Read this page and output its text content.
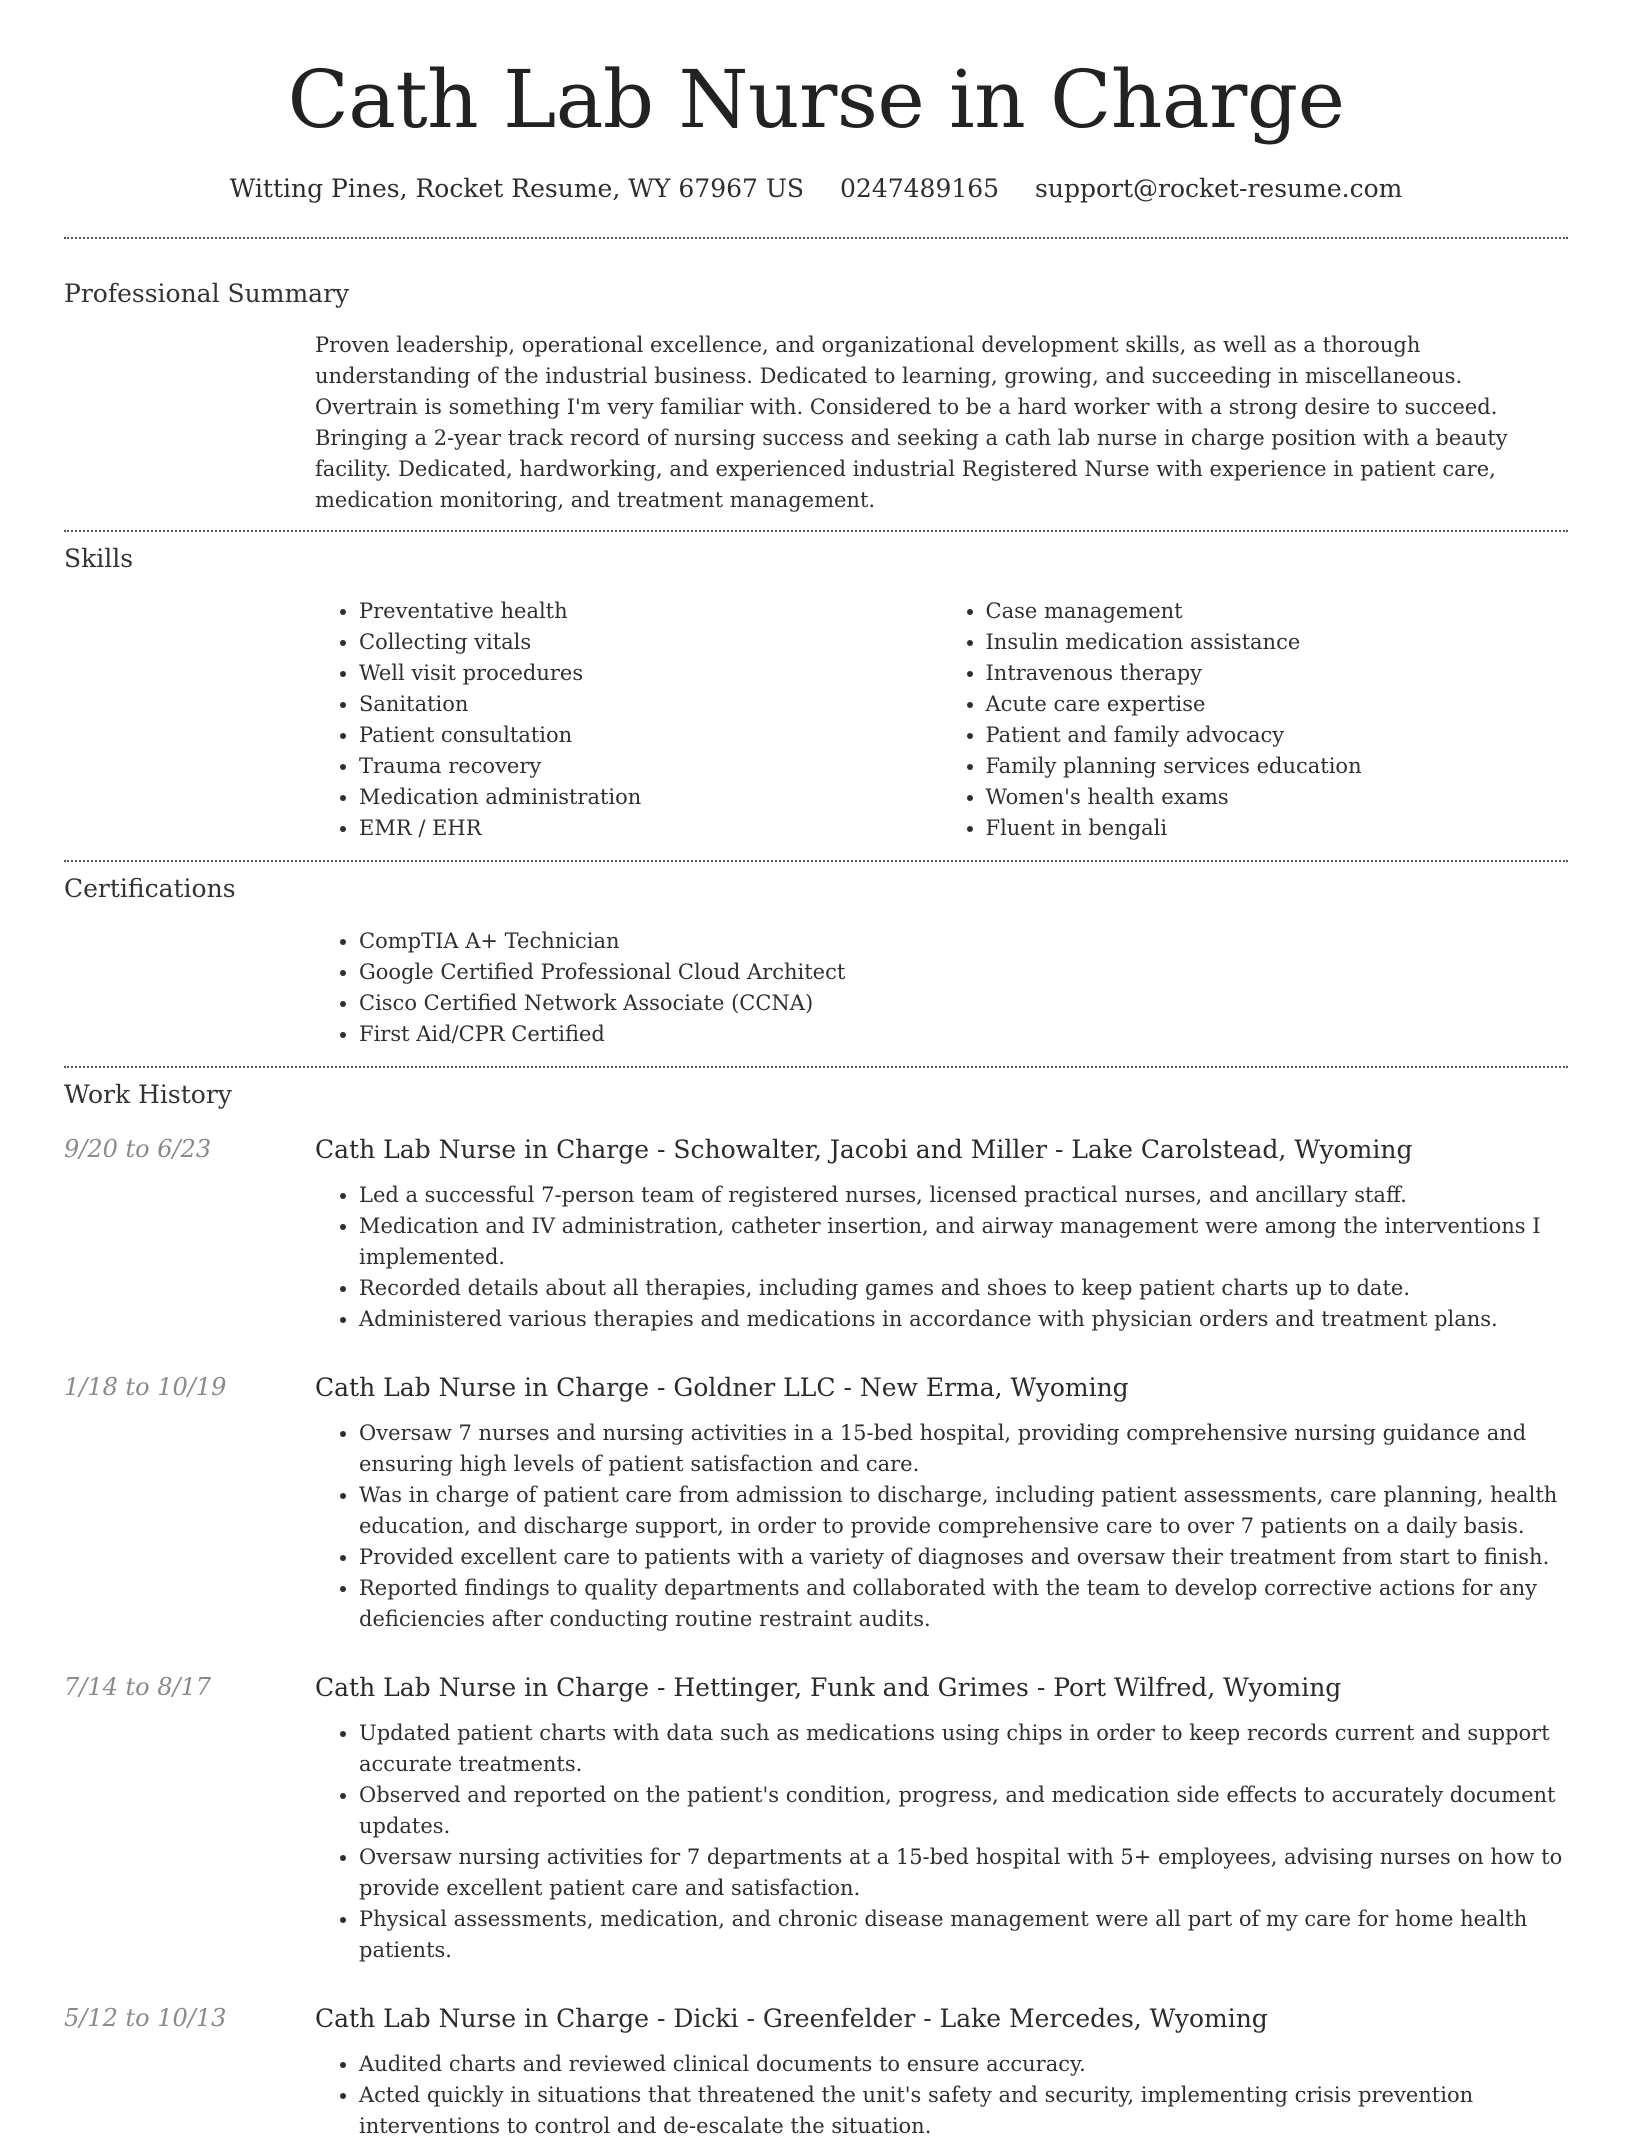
Cath Lab Nurse in Charge
Witting Pines, Rocket Resume, WY 67967 US 0247489165 support@rocket-resume.com
Professional Summary

Proven leadership, operational excellence, and organizational development skills, as well as a thorough understanding of the industrial business. Dedicated to learning, growing, and succeeding in miscellaneous. Overtrain is something I'm very familiar with. Considered to be a hard worker with a strong desire to succeed. Bringing a 2-year track record of nursing success and seeking a cath lab nurse in charge position with a beauty facility. Dedicated, hardworking, and experienced industrial Registered Nurse with experience in patient care, medication monitoring, and treatment management.

Skills
• Preventative health
• Collecting vitals
• Well visit procedures
• Sanitation
• Patient consultation
• Trauma recovery
• Medication administration
• EMR / EHR
• Case management
• Insulin medication assistance
• Intravenous therapy
• Acute care expertise
• Patient and family advocacy
• Family planning services education
• Women's health exams
• Fluent in bengali
Certifications
• CompTIA A+ Technician
• Google Certified Professional Cloud Architect
• Cisco Certified Network Associate (CCNA)
• First Aid/CPR Certified
Work History
9/20 to 6/23	Cath Lab Nurse in Charge - Schowalter, Jacobi and Miller - Lake Carolstead, Wyoming
• Led a successful 7-person team of registered nurses, licensed practical nurses, and ancillary staff.
• Medication and IV administration, catheter insertion, and airway management were among the interventions I implemented.
• Recorded details about all therapies, including games and shoes to keep patient charts up to date.
• Administered various therapies and medications in accordance with physician orders and treatment plans.
1/18 to 10/19	Cath Lab Nurse in Charge - Goldner LLC - New Erma, Wyoming
• Oversaw 7 nurses and nursing activities in a 15-bed hospital, providing comprehensive nursing guidance and ensuring high levels of patient satisfaction and care.
• Was in charge of patient care from admission to discharge, including patient assessments, care planning, health education, and discharge support, in order to provide comprehensive care to over 7 patients on a daily basis.
• Provided excellent care to patients with a variety of diagnoses and oversaw their treatment from start to finish.
• Reported findings to quality departments and collaborated with the team to develop corrective actions for any deficiencies after conducting routine restraint audits.
7/14 to 8/17	Cath Lab Nurse in Charge - Hettinger, Funk and Grimes - Port Wilfred, Wyoming
• Updated patient charts with data such as medications using chips in order to keep records current and support accurate treatments.
• Observed and reported on the patient's condition, progress, and medication side effects to accurately document updates.
• Oversaw nursing activities for 7 departments at a 15-bed hospital with 5+ employees, advising nurses on how to provide excellent patient care and satisfaction.
• Physical assessments, medication, and chronic disease management were all part of my care for home health patients.
5/12 to 10/13	Cath Lab Nurse in Charge - Dicki - Greenfelder - Lake Mercedes, Wyoming
• Audited charts and reviewed clinical documents to ensure accuracy.
• Acted quickly in situations that threatened the unit's safety and security, implementing crisis prevention interventions to control and de-escalate the situation.
